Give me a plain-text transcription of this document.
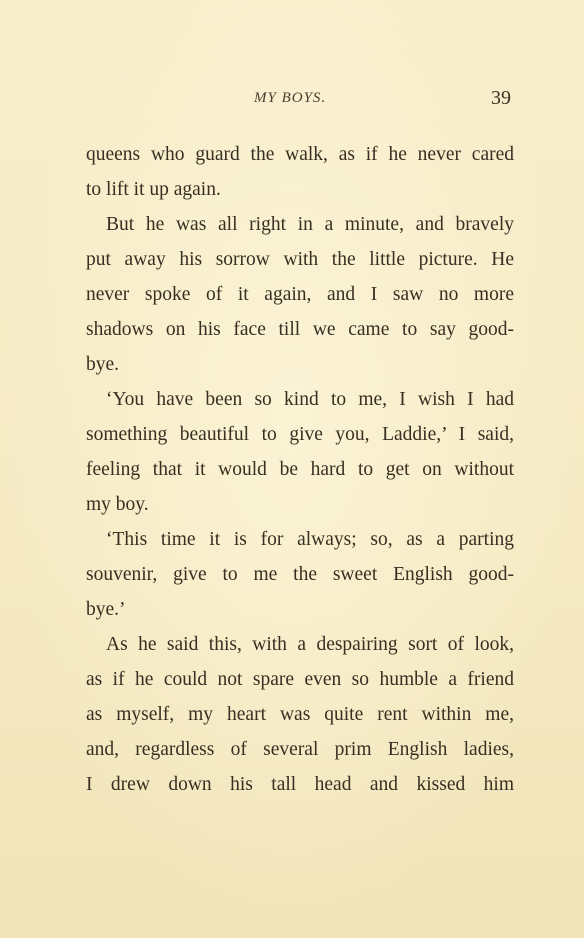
MY BOYS.	39
queens who guard the walk, as if he never cared
to lift it up again.
But he was all right in a minute, and bravely
put away his sorrow with the little picture. He
never spoke of it again, and I saw no more
shadows on his face till we came to say good-
bye.
‘You have been so kind to me, I wish I had
something beautiful to give you, Laddie,’ I said,
feeling that it would be hard to get on without
my boy.
‘This time it is for always; so, as a parting
souvenir, give to me the sweet English good-
bye.’
As he said this, with a despairing sort of look,
as if he could not spare even so humble a friend
as myself, my heart was quite rent within me,
and, regardless of several prim English ladies,
I drew down his tall head and kissed him
